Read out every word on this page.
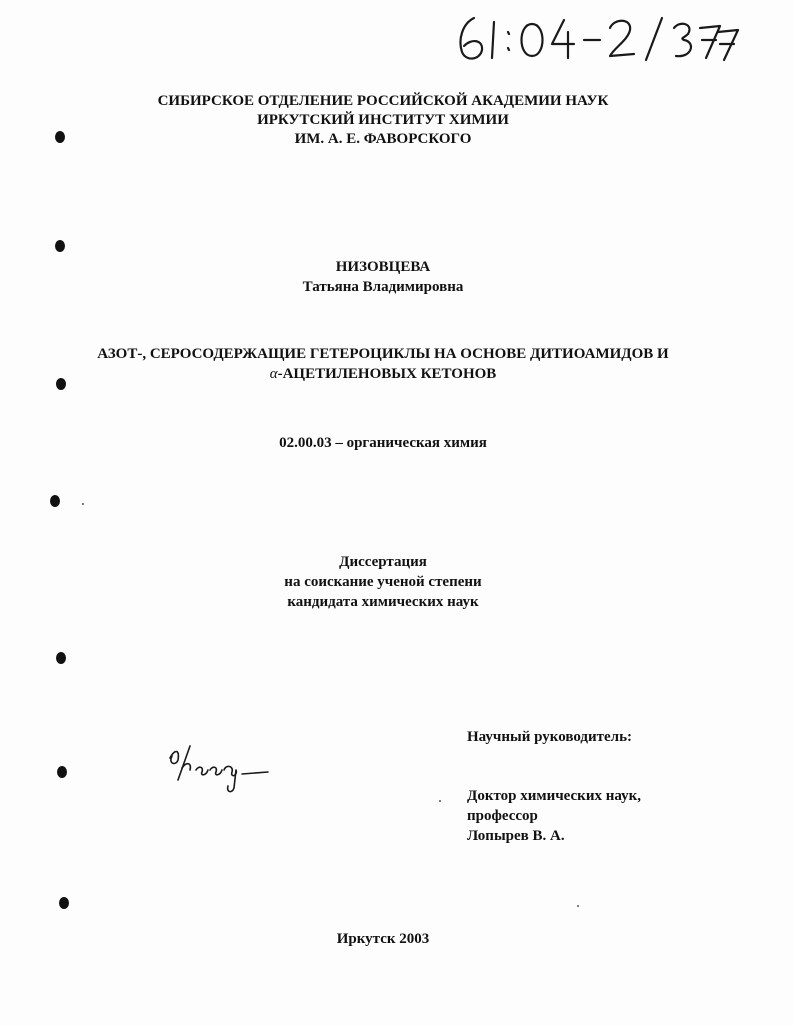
СИБИРСКОЕ ОТДЕЛЕНИЕ РОССИЙСКОЙ АКАДЕМИИ НАУК
ИРКУТСКИЙ ИНСТИТУТ ХИМИИ
ИМ. А. Е. ФАВОРСКОГО
НИЗОВЦЕВА
Татьяна Владимировна
АЗОТ-, СЕРОСОДЕРЖАЩИЕ ГЕТЕРОЦИКЛЫ НА ОСНОВЕ ДИТИОАМИДОВ И
α-АЦЕТИЛЕНОВЫХ КЕТОНОВ
02.00.03 – органическая химия
Диссертация
на соискание ученой степени
кандидата химических наук
Научный руководитель:
Доктор химических наук,
профессор
Лопырев В. А.
Иркутск 2003
